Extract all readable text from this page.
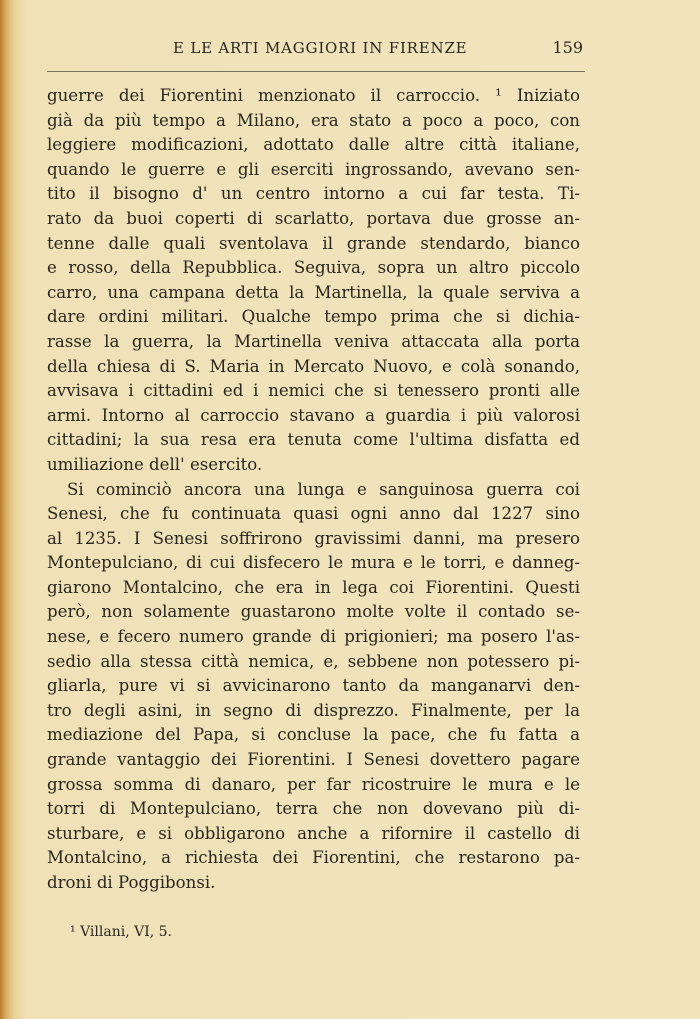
E LE ARTI MAGGIORI IN FIRENZE	159
guerre dei Fiorentini menzionato il carroccio. ¹ Iniziato
già da più tempo a Milano, era stato a poco a poco, con
leggiere modificazioni, adottato dalle altre città italiane,
quando le guerre e gli eserciti ingrossando, avevano sen-
tito il bisogno d' un centro intorno a cui far testa. Ti-
rato da buoi coperti di scarlatto, portava due grosse an-
tenne dalle quali sventolava il grande stendardo, bianco
e rosso, della Repubblica. Seguiva, sopra un altro piccolo
carro, una campana detta la Martinella, la quale serviva a
dare ordini militari. Qualche tempo prima che si dichia-
rasse la guerra, la Martinella veniva attaccata alla porta
della chiesa di S. Maria in Mercato Nuovo, e colà sonando,
avvisava i cittadini ed i nemici che si tenessero pronti alle
armi. Intorno al carroccio stavano a guardia i più valorosi
cittadini; la sua resa era tenuta come l'ultima disfatta ed
umiliazione dell' esercito.
Si cominciò ancora una lunga e sanguinosa guerra coi
Senesi, che fu continuata quasi ogni anno dal 1227 sino
al 1235. I Senesi soffrirono gravissimi danni, ma presero
Montepulciano, di cui disfecero le mura e le torri, e danneg-
giarono Montalcino, che era in lega coi Fiorentini. Questi
però, non solamente guastarono molte volte il contado se-
nese, e fecero numero grande di prigionieri; ma posero l'as-
sedio alla stessa città nemica, e, sebbene non potessero pi-
gliarla, pure vi si avvicinarono tanto da manganarvi den-
tro degli asini, in segno di disprezzo. Finalmente, per la
mediazione del Papa, si concluse la pace, che fu fatta a
grande vantaggio dei Fiorentini. I Senesi dovettero pagare
grossa somma di danaro, per far ricostruire le mura e le
torri di Montepulciano, terra che non dovevano più di-
sturbare, e si obbligarono anche a rifornire il castello di
Montalcino, a richiesta dei Fiorentini, che restarono pa-
droni di Poggibonsi.
¹ Villani, VI, 5.
